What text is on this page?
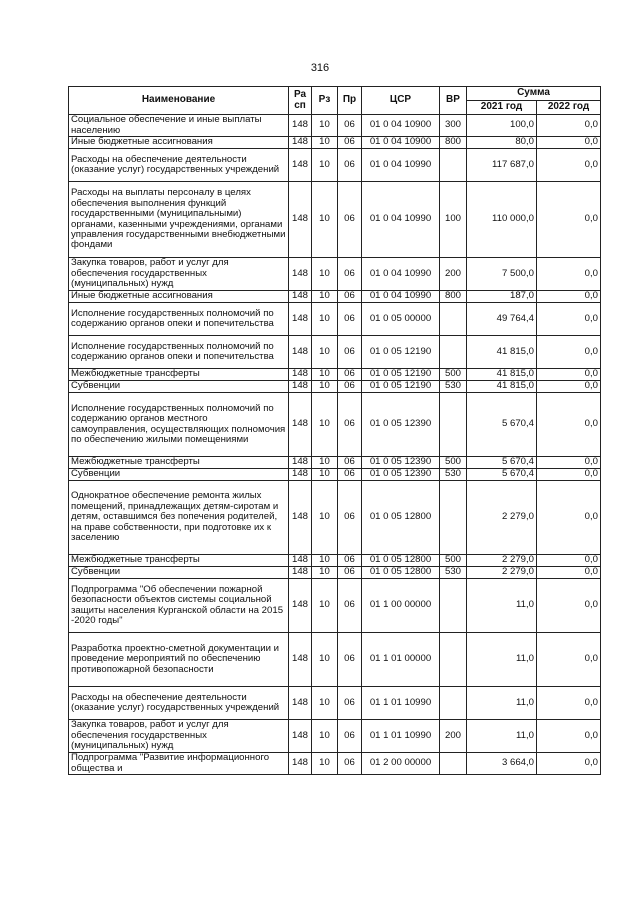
316
Наименование	Ра сп	Рз	Пр	ЦСР	ВР	Сумма	
						2021 год	2022 год
Социальное обеспечение и иные выплаты населению	148	10	06	01 0 04 10900	300	100,0	0,0
Иные бюджетные ассигнования	148	10	06	01 0 04 10900	800	80,0	0,0
Расходы на обеспечение деятельности (оказание услуг) государственных учреждений	148	10	06	01 0 04 10990		117 687,0	0,0
Расходы на выплаты персоналу в целях обеспечения выполнения функций государственными (муниципальными) органами, казенными учреждениями, органами управления государственными внебюджетными фондами	148	10	06	01 0 04 10990	100	110 000,0	0,0
Закупка товаров, работ и услуг для обеспечения государственных (муниципальных) нужд	148	10	06	01 0 04 10990	200	7 500,0	0,0
Иные бюджетные ассигнования	148	10	06	01 0 04 10990	800	187,0	0,0
Исполнение государственных полномочий по содержанию органов опеки и попечительства	148	10	06	01 0 05 00000		49 764,4	0,0
Исполнение государственных полномочий по содержанию органов опеки и попечительства	148	10	06	01 0 05 12190		41 815,0	0,0
Межбюджетные трансферты	148	10	06	01 0 05 12190	500	41 815,0	0,0
Субвенции	148	10	06	01 0 05 12190	530	41 815,0	0,0
Исполнение государственных полномочий по содержанию органов местного самоуправления, осуществляющих полномочия по обеспечению жилыми помещениями	148	10	06	01 0 05 12390		5 670,4	0,0
Межбюджетные трансферты	148	10	06	01 0 05 12390	500	5 670,4	0,0
Субвенции	148	10	06	01 0 05 12390	530	5 670,4	0,0
Однократное обеспечение ремонта жилых помещений, принадлежащих детям-сиротам и детям, оставшимся без попечения родителей, на праве собственности, при подготовке их к заселению	148	10	06	01 0 05 12800		2 279,0	0,0
Межбюджетные трансферты	148	10	06	01 0 05 12800	500	2 279,0	0,0
Субвенции	148	10	06	01 0 05 12800	530	2 279,0	0,0
Подпрограмма "Об обеспечении пожарной безопасности объектов системы социальной защиты населения Курганской области на 2015 -2020 годы"	148	10	06	01 1 00 00000		11,0	0,0
Разработка проектно-сметной документации и проведение мероприятий по обеспечению противопожарной безопасности	148	10	06	01 1 01 00000		11,0	0,0
Расходы на обеспечение деятельности (оказание услуг) государственных учреждений	148	10	06	01 1 01 10990		11,0	0,0
Закупка товаров, работ и услуг для обеспечения государственных (муниципальных) нужд	148	10	06	01 1 01 10990	200	11,0	0,0
Подпрограмма "Развитие информационного общества и	148	10	06	01 2 00 00000		3 664,0	0,0
